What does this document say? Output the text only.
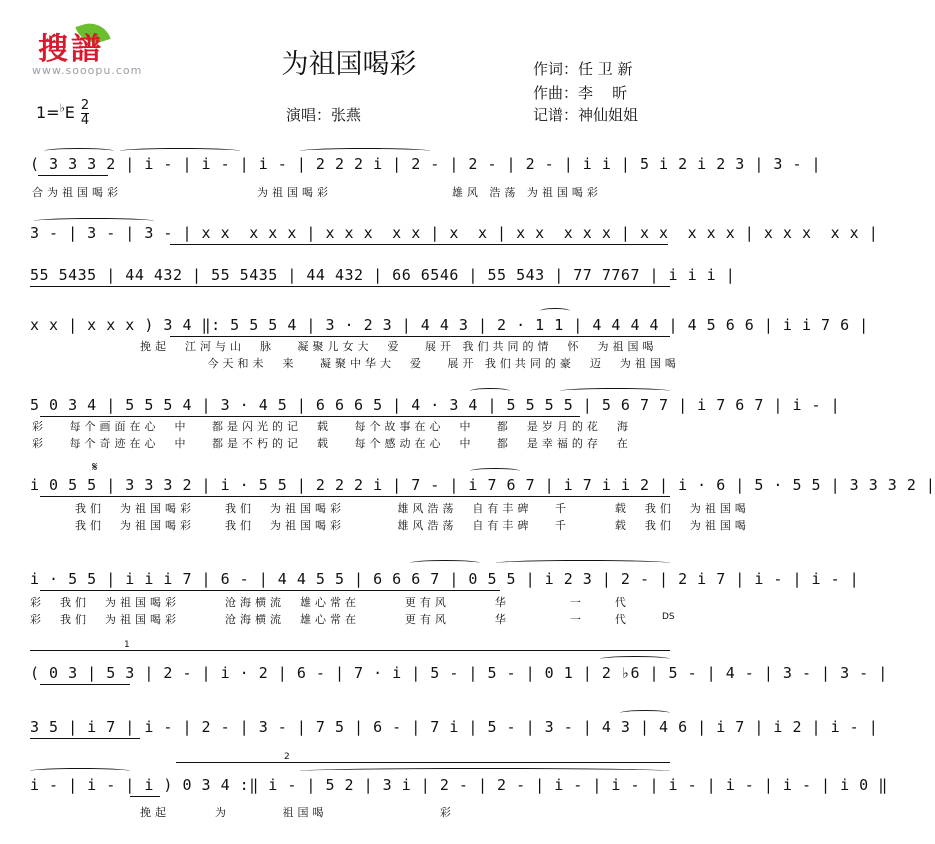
搜譜

www.sooopu.com	为祖国喝彩	作词：任 卫 新
作曲：李    昕
记谱：神仙姐姐
演唱：张燕
$1=^♭E \frac{2}{4}$
( 3 3 3 2 | i - | i - | i - | 2 2 2 i | 2 - | 2 - | 2 - | i i | 5 i 2 i 2 3 | 3 - |
合为祖国喝彩                  为祖国喝彩                雄风 浩荡 为祖国喝彩
3 - | 3 - | 3 - | x x  x x x | x x x  x x | x  x | x x  x x x | x x  x x x | x x x  x x |
55 5435 | 44 432 | 55 5435 | 44 432 | 66 6546 | 55 543 | 77 7767 | i i i |
x x | x x x ) 3 4 ‖: 5 5 5 4 | 3 · 2 3 | 4 4 3 | 2 · 1 1 | 4 4 4 4 | 4 5 6 6 | i i 7 6 |
挽起  江河与山  脉   凝聚儿女大  爱   展开 我们共同的情  怀  为祖国喝
今天和未  来   凝聚中华大  爱   展开 我们共同的豪  迈  为祖国喝
5 0 3 4 | 5 5 5 4 | 3 · 4 5 | 6 6 6 5 | 4 · 3 4 | 5 5 5 5 | 5 6 7 7 | i 7 6 7 | i - |
彩   每个画面在心  中   都是闪光的记  载   每个故事在心  中   都  是岁月的花  海
彩   每个奇迹在心  中   都是不朽的记  载   每个感动在心  中   都  是幸福的存  在
𝄋
i 0 5 5 | 3 3 3 2 | i · 5 5 | 2 2 2 i | 7 - | i 7 6 7 | i 7 i i 2 | i · 6 | 5 · 5 5 | 3 3 3 2 |
我们  为祖国喝彩    我们  为祖国喝彩       雄风浩荡  自有丰碑   千      载  我们  为祖国喝
我们  为祖国喝彩    我们  为祖国喝彩       雄风浩荡  自有丰碑   千      载  我们  为祖国喝
i · 5 5 | i i i 7 | 6 - | 4 4 5 5 | 6 6 6 7 | 0 5 5 | i 2 3 | 2 - | 2 i 7 | i - | i - |
彩  我们  为祖国喝彩      沧海横流  雄心常在      更有风      华        一    代
彩  我们  为祖国喝彩      沧海横流  雄心常在      更有风      华        一    代	DS
1
( 0 3 | 5 3 | 2 - | i · 2 | 6 - | 7 · i | 5 - | 5 - | 0 1 | 2 ♭6 | 5 - | 4 - | 3 - | 3 - |
3 5 | i 7 | i - | 2 - | 3 - | 7 5 | 6 - | 7 i | 5 - | 3 - | 4 3 | 4 6 | i 7 | i 2 | i - |
2
i - | i - | i ) 0 3 4 :‖ i - | 5 2 | 3 i | 2 - | 2 - | i - | i - | i - | i - | i - | i 0 ‖
挽起      为       祖国喝               彩
